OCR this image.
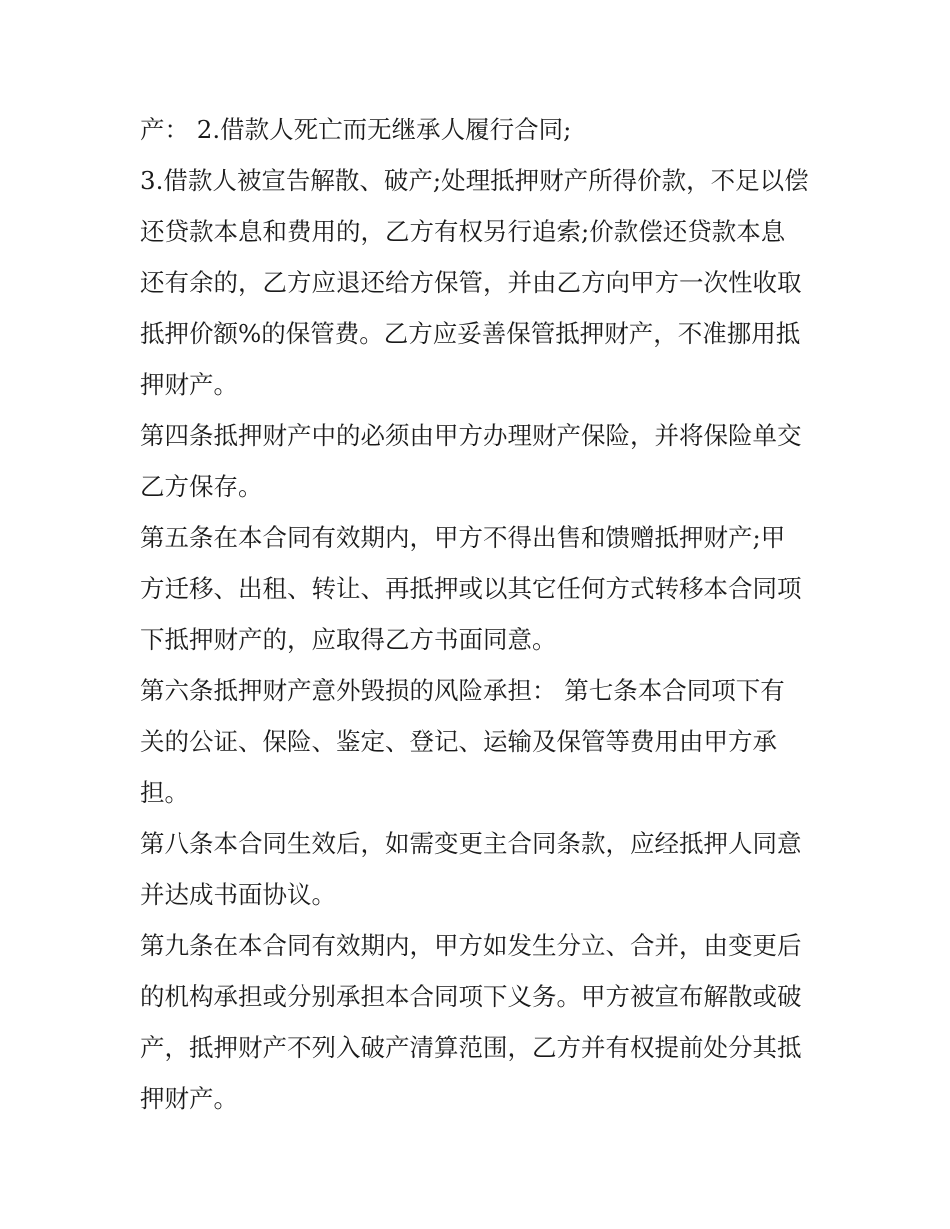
产： 2.借款人死亡而无继承人履行合同;

3.借款人被宣告解散、破产;处理抵押财产所得价款，不足以偿
还贷款本息和费用的，乙方有权另行追索;价款偿还贷款本息
还有余的，乙方应退还给方保管，并由乙方向甲方一次性收取
抵押价额%的保管费。乙方应妥善保管抵押财产，不准挪用抵
押财产。

第四条抵押财产中的必须由甲方办理财产保险，并将保险单交
乙方保存。

第五条在本合同有效期内，甲方不得出售和馈赠抵押财产;甲
方迁移、出租、转让、再抵押或以其它任何方式转移本合同项
下抵押财产的，应取得乙方书面同意。

第六条抵押财产意外毁损的风险承担： 第七条本合同项下有
关的公证、保险、鉴定、登记、运输及保管等费用由甲方承
担。

第八条本合同生效后，如需变更主合同条款，应经抵押人同意
并达成书面协议。

第九条在本合同有效期内，甲方如发生分立、合并，由变更后
的机构承担或分别承担本合同项下义务。甲方被宣布解散或破
产，抵押财产不列入破产清算范围，乙方并有权提前处分其抵
押财产。
